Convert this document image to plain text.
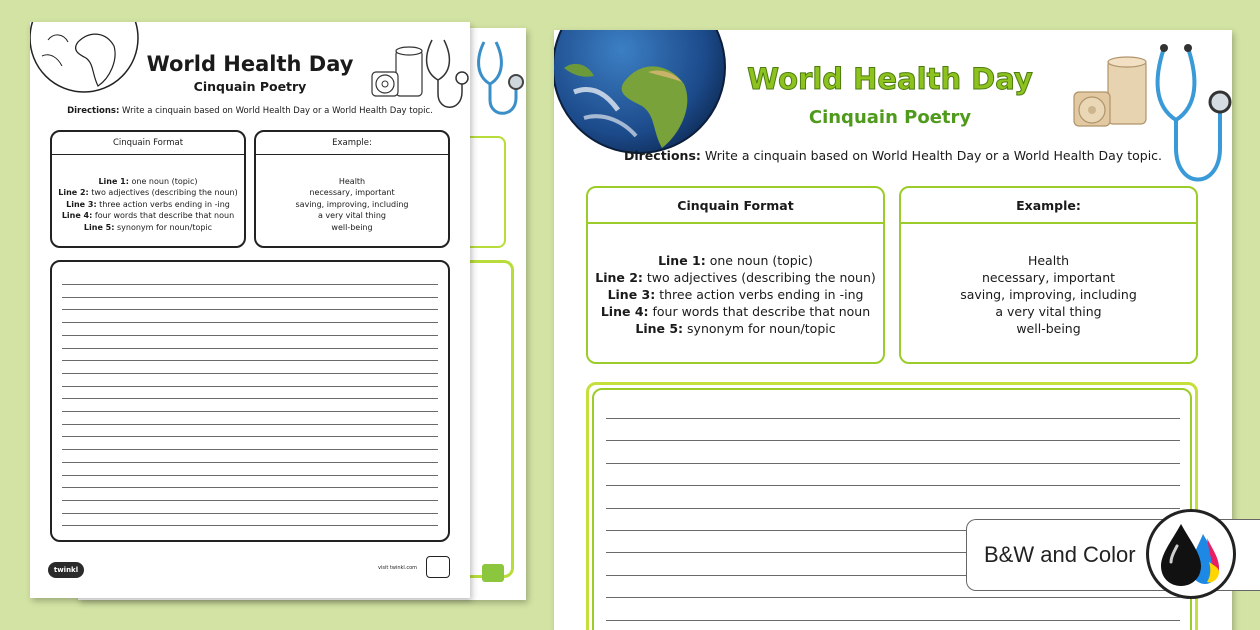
World Health Day
Cinquain Poetry
Directions: Write a cinquain based on World Health Day or a World Health Day topic.
Cinquain Format
Line 1: one noun (topic)
Line 2: two adjectives (describing the noun)
Line 3: three action verbs ending in -ing
Line 4: four words that describe that noun
Line 5: synonym for noun/topic
Example:
Health
necessary, important
saving, improving, including
a very vital thing
well-being
twinkl	visit twinkl.com
World Health Day
Cinquain Poetry
Directions: Write a cinquain based on World Health Day or a World Health Day topic.
Cinquain Format
Line 1: one noun (topic)
Line 2: two adjectives (describing the noun)
Line 3: three action verbs ending in -ing
Line 4: four words that describe that noun
Line 5: synonym for noun/topic
Example:
Health
necessary, important
saving, improving, including
a very vital thing
well-being
B&W and Color
